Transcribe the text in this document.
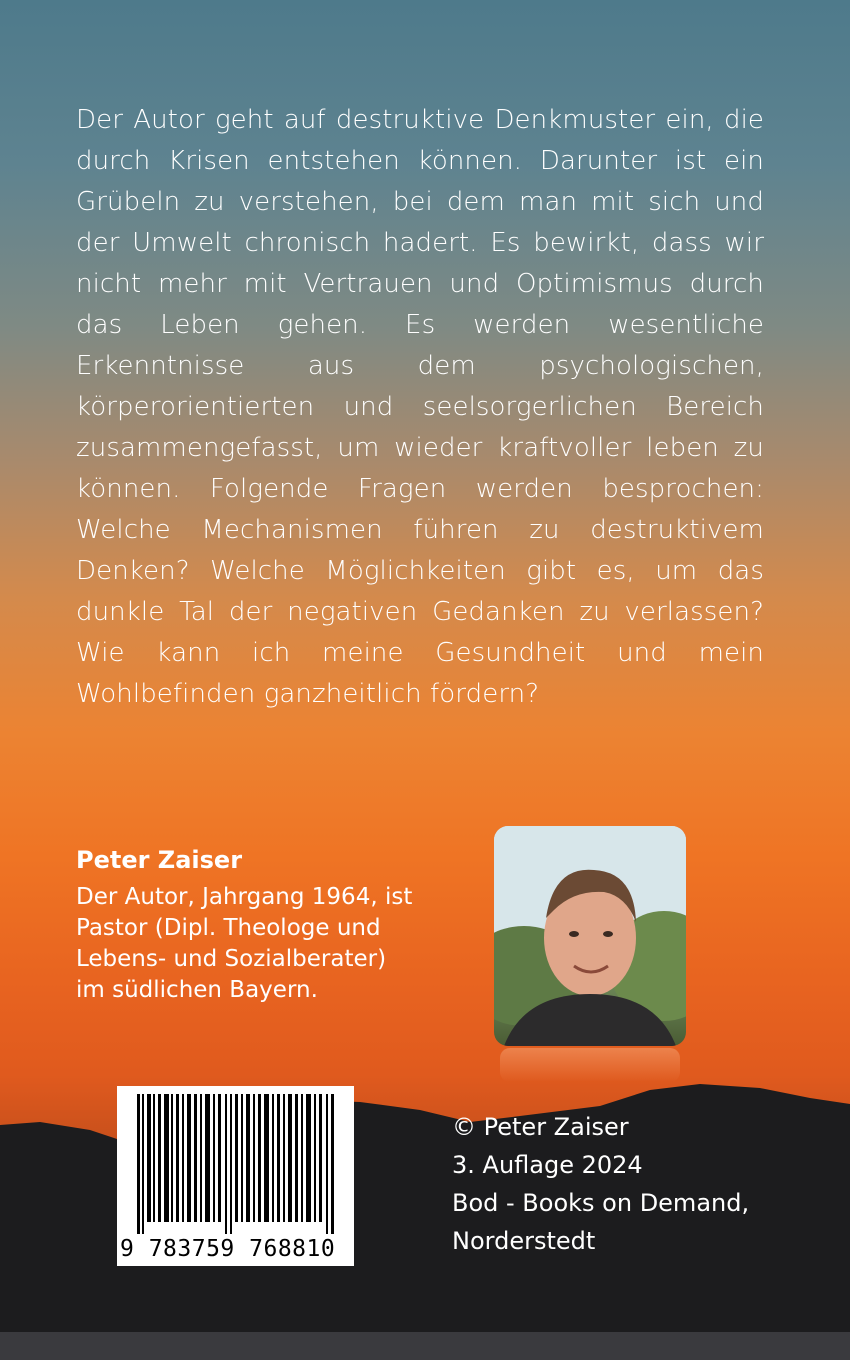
Der Autor geht auf destruktive Denkmuster ein, die durch Krisen entstehen können. Darunter ist ein Grübeln zu verstehen, bei dem man mit sich und der Umwelt chronisch hadert. Es bewirkt, dass wir nicht mehr mit Vertrauen und Optimismus durch das Leben gehen. Es werden wesentliche Erkenntnisse aus dem psychologischen, körperorientierten und seelsorgerlichen Bereich zusammengefasst, um wieder kraftvoller leben zu können. Folgende Fragen werden besprochen: Welche Mechanismen führen zu destruktivem Denken? Welche Möglichkeiten gibt es, um das dunkle Tal der negativen Gedanken zu verlassen? Wie kann ich meine Gesundheit und mein Wohlbefinden ganzheitlich fördern?

Peter Zaiser

Der Autor, Jahrgang 1964, ist Pastor (Dipl. Theologe und Lebens- und Sozialberater) im südlichen Bayern.

9 783759 768810
© Peter Zaiser
3. Auflage 2024
Bod - Books on Demand,
Norderstedt
